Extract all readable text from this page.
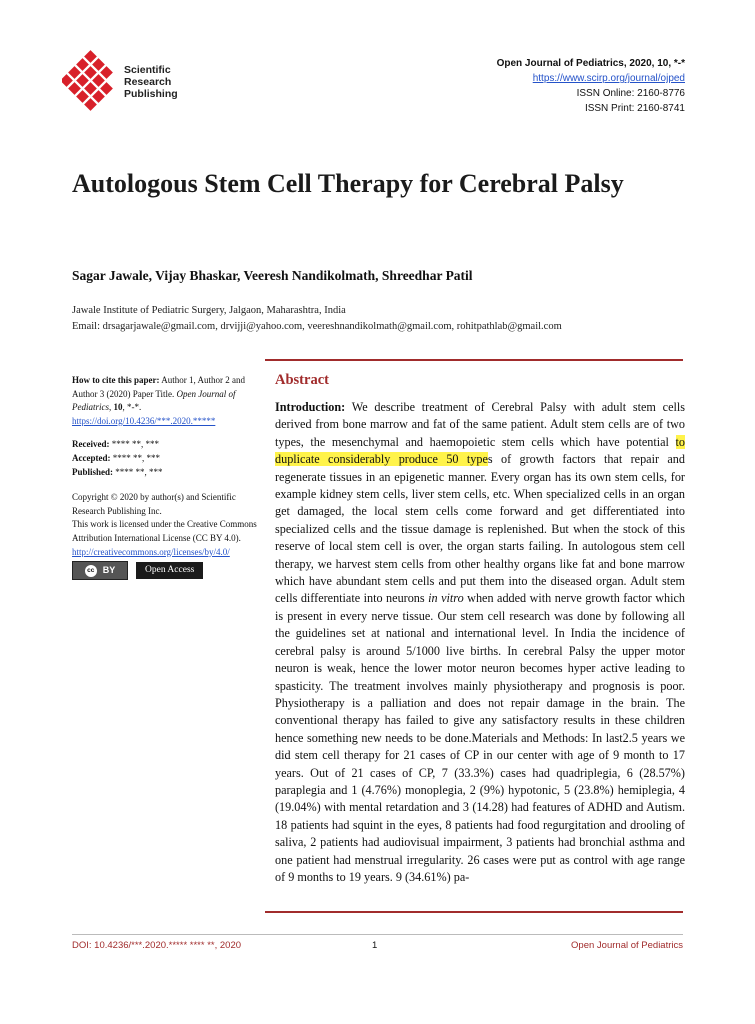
Scientific
Research
Publishing
Open Journal of Pediatrics, 2020, 10, *-*
https://www.scirp.org/journal/ojped
ISSN Online: 2160-8776
ISSN Print: 2160-8741
Autologous Stem Cell Therapy for Cerebral Palsy
Sagar Jawale, Vijay Bhaskar, Veeresh Nandikolmath, Shreedhar Patil
Jawale Institute of Pediatric Surgery, Jalgaon, Maharashtra, India
Email: drsagarjawale@gmail.com, drvijji@yahoo.com, veereshnandikolmath@gmail.com, rohitpathlab@gmail.com
How to cite this paper: Author 1, Author 2 and Author 3 (2020) Paper Title. Open Journal of Pediatrics, 10, *-*.
https://doi.org/10.4236/***.2020.*****
Received: **** **, ***
Accepted: **** **, ***
Published: **** **, ***
Copyright © 2020 by author(s) and Scientific Research Publishing Inc.
This work is licensed under the Creative Commons Attribution International License (CC BY 4.0).
http://creativecommons.org/licenses/by/4.0/
cc BY	Open Access
Abstract

Introduction: We describe treatment of Cerebral Palsy with adult stem cells derived from bone marrow and fat of the same patient. Adult stem cells are of two types, the mesenchymal and haemopoietic stem cells which have potential to duplicate considerably produce 50 types of growth factors that repair and regenerate tissues in an epigenetic manner. Every organ has its own stem cells, for example kidney stem cells, liver stem cells, etc. When specialized cells in an organ get damaged, the local stem cells come forward and get differentiated into specialized cells and the tissue damage is replenished. But when the stock of this reserve of local stem cell is over, the organ starts failing. In autologous stem cell therapy, we harvest stem cells from other healthy organs like fat and bone marrow which have abundant stem cells and put them into the diseased organ. Adult stem cells differentiate into neurons in vitro when added with nerve growth factor which is present in every nerve tissue. Our stem cell research was done by following all the guidelines set at national and international level. In India the incidence of cerebral palsy is around 5/1000 live births. In cerebral Palsy the upper motor neuron is weak, hence the lower motor neuron becomes hyper active leading to spasticity. The treatment involves mainly physiotherapy and prognosis is poor. Physiotherapy is a palliation and does not repair damage in the brain. The conventional therapy has failed to give any satisfactory results in these children hence something new needs to be done.Materials and Methods: In last2.5 years we did stem cell therapy for 21 cases of CP in our center with age of 9 month to 17 years. Out of 21 cases of CP, 7 (33.3%) cases had quadriplegia, 6 (28.57%) paraplegia and 1 (4.76%) monoplegia, 2 (9%) hypotonic, 5 (23.8%) hemiplegia, 4 (19.04%) with mental retardation and 3 (14.28) had features of ADHD and Autism. 18 patients had squint in the eyes, 8 patients had food regurgitation and drooling of saliva, 2 patients had audiovisual impairment, 3 patients had bronchial asthma and one patient had menstrual irregularity. 26 cases were put as control with age range of 9 months to 19 years. 9 (34.61%) pa-

DOI: 10.4236/***.2020.***** **** **, 2020	1	Open Journal of Pediatrics
